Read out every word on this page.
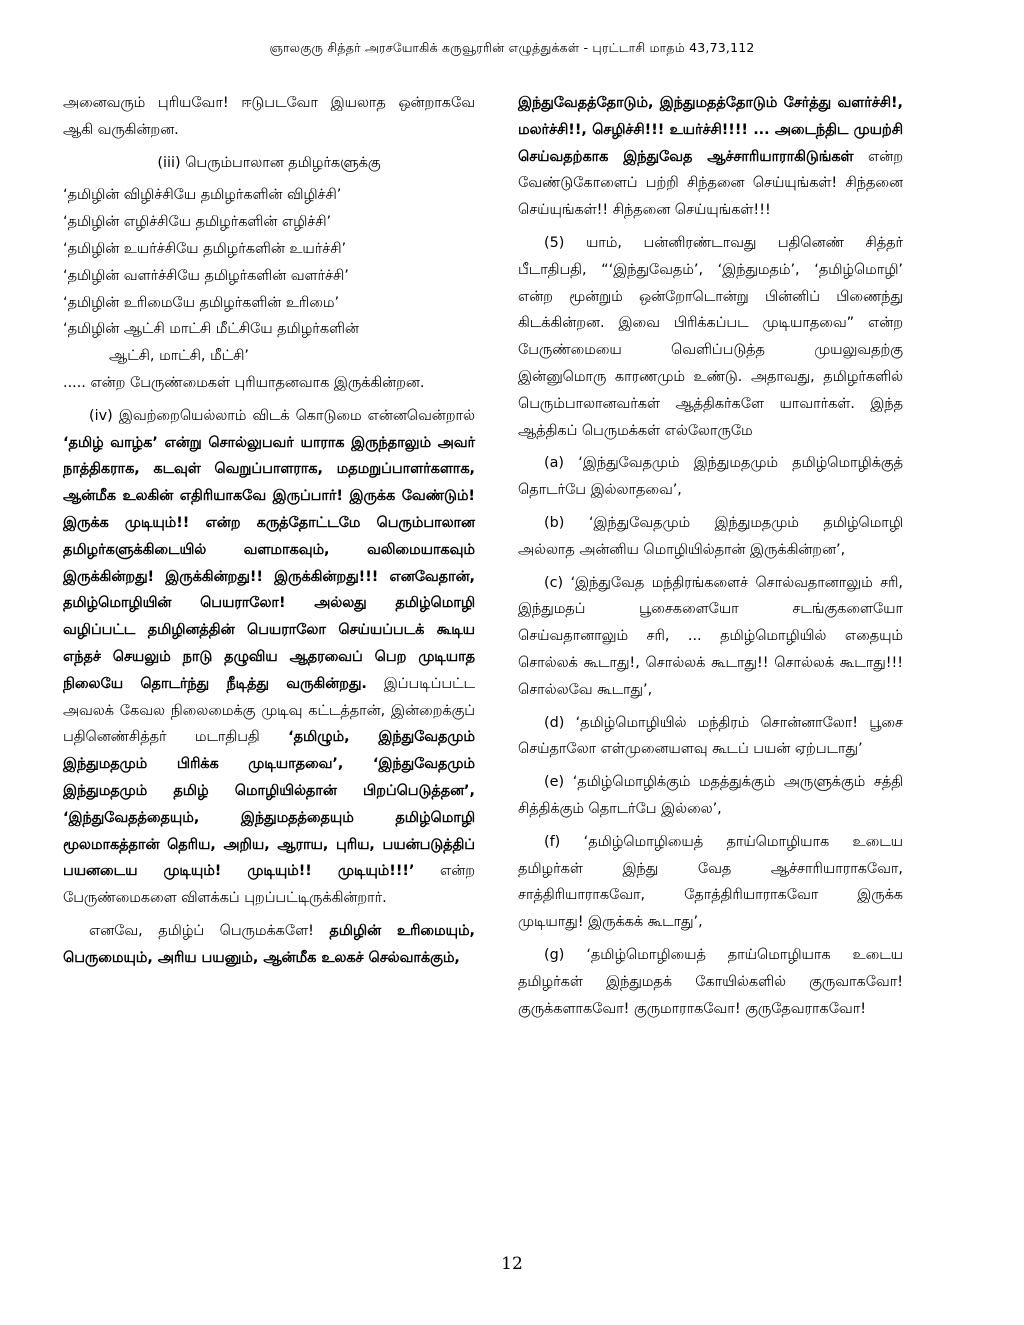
ஞாலகுரு சித்தர் அரசயோகிக் கருவூரரின் எழுத்துக்கள் - புரட்டாசி மாதம் 43,73,112

அனைவரும் புரியவோ! ஈடுபடவோ இயலாத ஒன்றாகவே ஆகி வருகின்றன.

(iii) பெரும்பாலான தமிழர்களுக்கு

‘தமிழின் விழிச்சியே தமிழர்களின் விழிச்சி’

‘தமிழின் எழிச்சியே தமிழர்களின் எழிச்சி’

‘தமிழின் உயர்ச்சியே தமிழர்களின் உயர்ச்சி’

‘தமிழின் வளர்ச்சியே தமிழர்களின் வளர்ச்சி’

‘தமிழின் உரிமையே தமிழர்களின் உரிமை’

‘தமிழின் ஆட்சி மாட்சி மீட்சியே தமிழர்களின்

ஆட்சி, மாட்சி, மீட்சி’

..... என்ற பேருண்மைகள் புரியாதனவாக இருக்கின்றன.

(iv) இவற்றையெல்லாம் விடக் கொடுமை என்னவென்றால் ‘தமிழ் வாழ்க’ என்று சொல்லுபவர் யாராக இருந்தாலும் அவர் நாத்திகராக, கடவுள் வெறுப்பாளராக, மதமறுப்பாளர்களாக, ஆன்மீக உலகின் எதிரியாகவே இருப்பார்! இருக்க வேண்டும்! இருக்க முடியும்!! என்ற கருத்தோட்டமே பெரும்பாலான தமிழர்களுக்கிடையில் வளமாகவும், வலிமையாகவும் இருக்கின்றது! இருக்கின்றது!! இருக்கின்றது!!! எனவேதான், தமிழ்மொழியின் பெயராலோ! அல்லது தமிழ்மொழி வழிப்பட்ட தமிழினத்தின் பெயராலோ செய்யப்படக் கூடிய எந்தச் செயலும் நாடு தழுவிய ஆதரவைப் பெற முடியாத நிலையே தொடர்ந்து நீடித்து வருகின்றது. இப்படிப்பட்ட அவலக் கேவல நிலைமைக்கு முடிவு கட்டத்தான், இன்றைக்குப் பதினெண்சித்தர் மடாதிபதி ‘தமிழும், இந்துவேதமும் இந்துமதமும் பிரிக்க முடியாதவை’, ‘இந்துவேதமும் இந்துமதமும் தமிழ் மொழியில்தான் பிறப்பெடுத்தன’, ‘இந்துவேதத்தையும், இந்துமதத்தையும் தமிழ்மொழி மூலமாகத்தான் தெரிய, அறிய, ஆராய, புரிய, பயன்படுத்திப் பயனடைய முடியும்! முடியும்!! முடியும்!!!’ என்ற பேருண்மைகளை விளக்கப் புறப்பட்டிருக்கின்றார்.

எனவே, தமிழ்ப் பெருமக்களே! தமிழின் உரிமையும், பெருமையும், அரிய பயனும், ஆன்மீக உலகச் செல்வாக்கும்,

இந்துவேதத்தோடும், இந்துமதத்தோடும் சேர்த்து வளர்ச்சி!, மலர்ச்சி!!, செழிச்சி!!! உயர்ச்சி!!!! ... அடைந்திட முயற்சி செய்வதற்காக இந்துவேத ஆச்சாரியாராகிடுங்கள் என்ற வேண்டுகோளைப் பற்றி சிந்தனை செய்யுங்கள்! சிந்தனை செய்யுங்கள்!! சிந்தனை செய்யுங்கள்!!!

(5) யாம், பன்னிரண்டாவது பதினெண் சித்தர் பீடாதிபதி, “‘இந்துவேதம்’, ‘இந்துமதம்’, ‘தமிழ்மொழி’ என்ற மூன்றும் ஒன்றோடொன்று பின்னிப் பிணைந்து கிடக்கின்றன. இவை பிரிக்கப்பட முடியாதவை” என்ற பேருண்மையை வெளிப்படுத்த முயலுவதற்கு இன்னுமொரு காரணமும் உண்டு. அதாவது, தமிழர்களில் பெரும்பாலானவர்கள் ஆத்திகர்களே யாவார்கள். இந்த ஆத்திகப் பெருமக்கள் எல்லோருமே

(a) ‘இந்துவேதமும் இந்துமதமும் தமிழ்மொழிக்குத் தொடர்பே இல்லாதவை’,

(b) ‘இந்துவேதமும் இந்துமதமும் தமிழ்மொழி அல்லாத அன்னிய மொழியில்தான் இருக்கின்றன’,

(c) ‘இந்துவேத மந்திரங்களைச் சொல்வதானாலும் சரி, இந்துமதப் பூசைகளையோ சடங்குகளையோ செய்வதானாலும் சரி, ... தமிழ்மொழியில் எதையும் சொல்லக் கூடாது!, சொல்லக் கூடாது!! சொல்லக் கூடாது!!! சொல்லவே கூடாது’,

(d) ‘தமிழ்மொழியில் மந்திரம் சொன்னாலோ! பூசை செய்தாலோ எள்முனையளவு கூடப் பயன் ஏற்படாது’

(e) ‘தமிழ்மொழிக்கும் மதத்துக்கும் அருளுக்கும் சத்தி சித்திக்கும் தொடர்பே இல்லை’,

(f) ‘தமிழ்மொழியைத் தாய்மொழியாக உடைய தமிழர்கள் இந்து வேத ஆச்சாரியாராகவோ, சாத்திரியாராகவோ, தோத்திரியாராகவோ இருக்க முடியாது! இருக்கக் கூடாது’,

(g) ‘தமிழ்மொழியைத் தாய்மொழியாக உடைய தமிழர்கள் இந்துமதக் கோயில்களில் குருவாகவோ! குருக்களாகவோ! குருமாராகவோ! குருதேவராகவோ!

12
